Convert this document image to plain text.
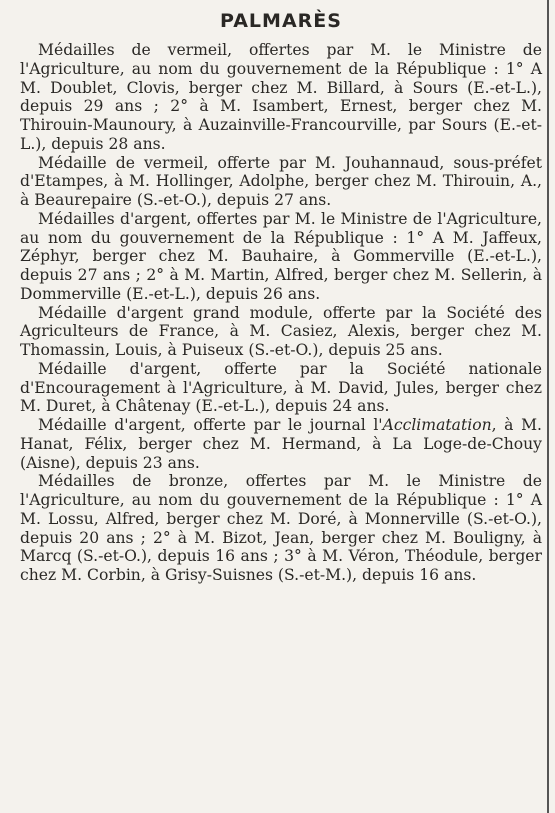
PALMARÈS

Médailles de vermeil, offertes par M. le Ministre de l'Agriculture, au nom du gouvernement de la République : 1° A M. Doublet, Clovis, berger chez M. Billard, à Sours (E.-et-L.), depuis 29 ans ; 2° à M. Isambert, Ernest, berger chez M. Thirouin-Maunoury, à Auzainville-Francourville, par Sours (E.-et-L.), depuis 28 ans.

Médaille de vermeil, offerte par M. Jouhannaud, sous-préfet d'Etampes, à M. Hollinger, Adolphe, berger chez M. Thirouin, A., à Beaurepaire (S.-et-O.), depuis 27 ans.

Médailles d'argent, offertes par M. le Ministre de l'Agriculture, au nom du gouvernement de la République : 1° A M. Jaffeux, Zéphyr, berger chez M. Bauhaire, à Gommerville (E.-et-L.), depuis 27 ans ; 2° à M. Martin, Alfred, berger chez M. Sellerin, à Dommerville (E.-et-L.), depuis 26 ans.

Médaille d'argent grand module, offerte par la Société des Agriculteurs de France, à M. Casiez, Alexis, berger chez M. Thomassin, Louis, à Puiseux (S.-et-O.), depuis 25 ans.

Médaille d'argent, offerte par la Société nationale d'Encouragement à l'Agriculture, à M. David, Jules, berger chez M. Duret, à Châtenay (E.-et-L.), depuis 24 ans.

Médaille d'argent, offerte par le journal l'Acclimatation, à M. Hanat, Félix, berger chez M. Hermand, à La Loge-de-Chouy (Aisne), depuis 23 ans.

Médailles de bronze, offertes par M. le Ministre de l'Agriculture, au nom du gouvernement de la République : 1° A M. Lossu, Alfred, berger chez M. Doré, à Monnerville (S.-et-O.), depuis 20 ans ; 2° à M. Bizot, Jean, berger chez M. Bouligny, à Marcq (S.-et-O.), depuis 16 ans ; 3° à M. Véron, Théodule, berger chez M. Corbin, à Grisy-Suisnes (S.-et-M.), depuis 16 ans.
